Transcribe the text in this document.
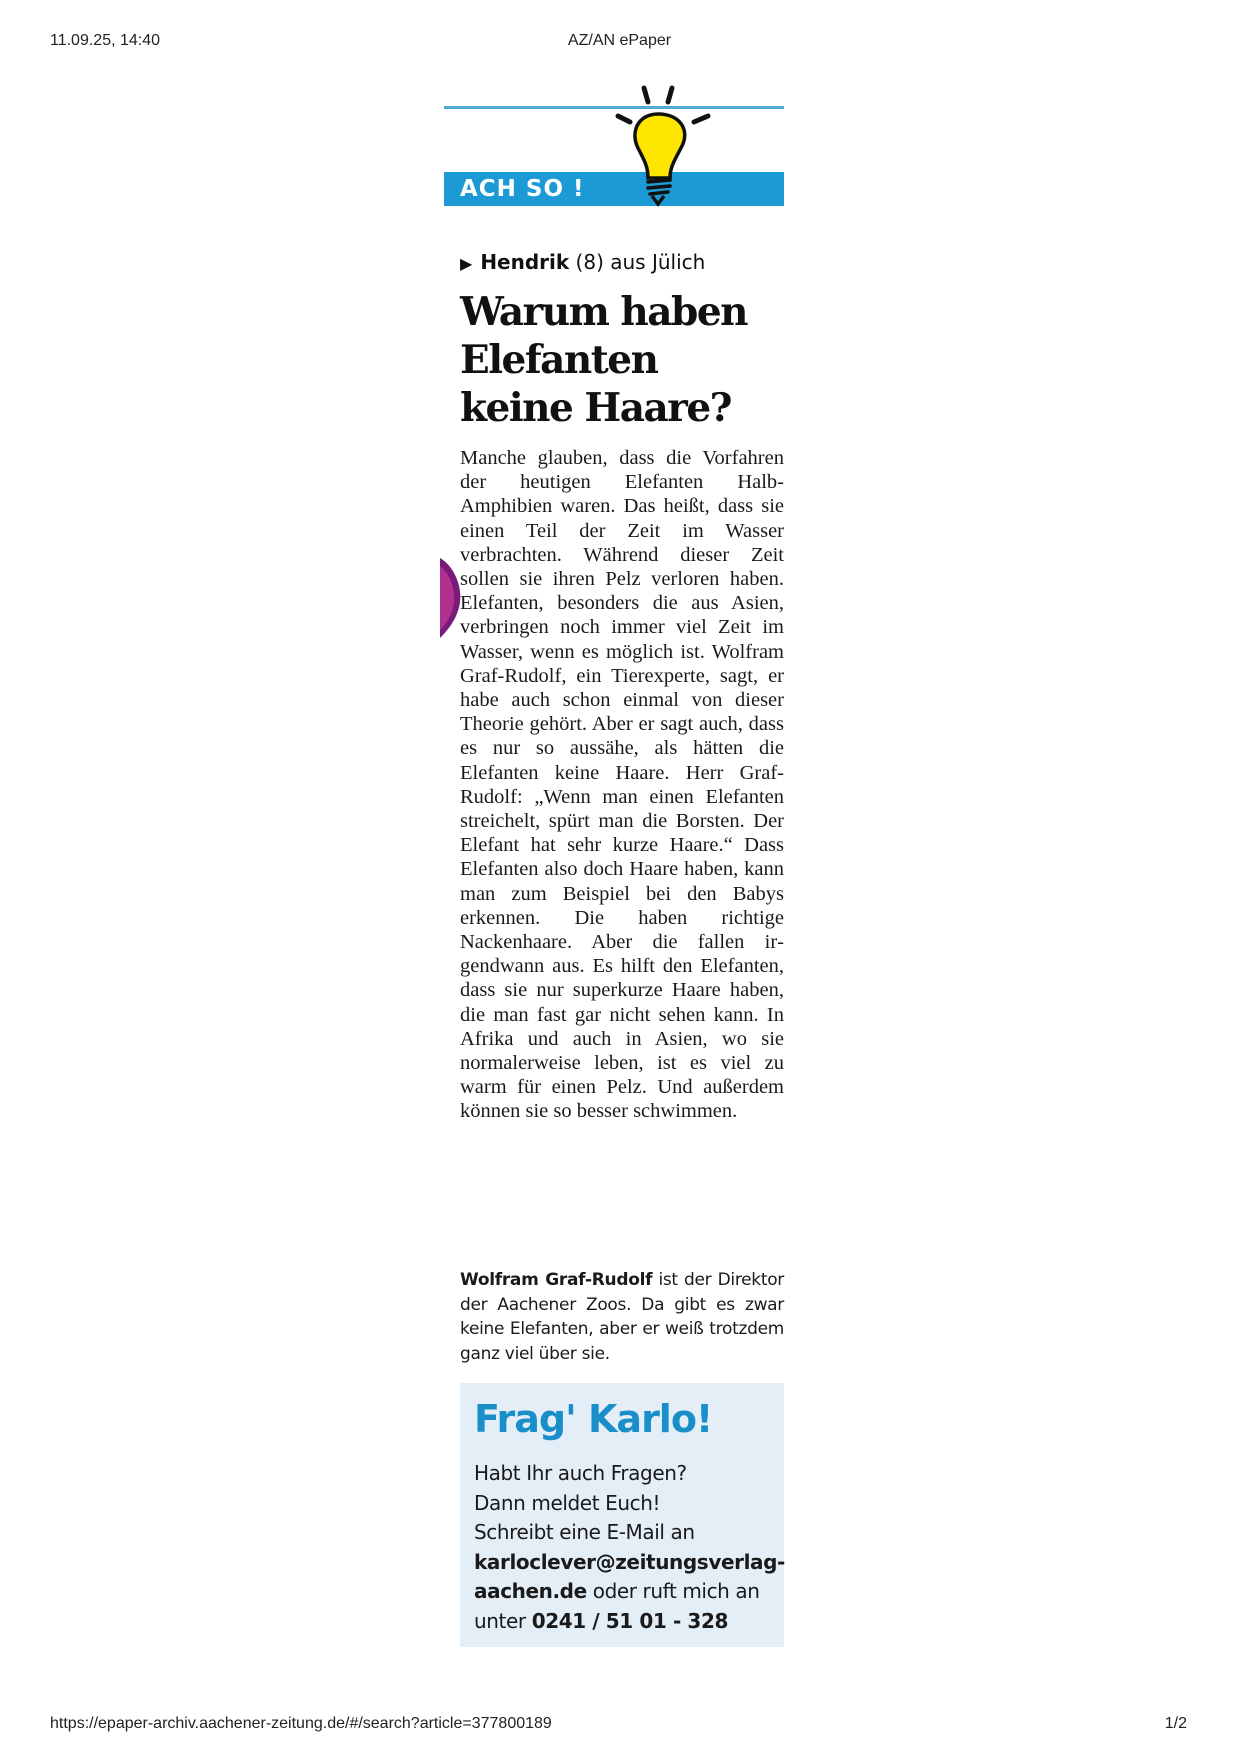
11.09.25, 14:40	AZ/AN ePaper
ACH SO !
▶ Hendrik (8) aus Jülich
Warum haben
Elefanten
keine Haare?

Manche glauben, dass die Vorfahren der heutigen Elefanten Halb-Amphibien waren. Das heißt, dass sie einen Teil der Zeit im Wasser verbrachten. Während dieser Zeit sollen sie ihren Pelz verloren haben. Elefanten, besonders die aus Asien, verbringen noch immer viel Zeit im Wasser, wenn es möglich ist. Wolfram Graf-Rudolf, ein Tierexperte, sagt, er habe auch schon einmal von dieser Theorie gehört. Aber er sagt auch, dass es nur so aussähe, als hätten die Elefanten keine Haare. Herr Graf-Rudolf: „Wenn man einen Elefanten streichelt, spürt man die Borsten. Der Elefant hat sehr kurze Haare.“ Dass Elefanten also doch Haare haben, kann man zum Beispiel bei den Babys erkennen. Die haben richtige Nackenhaare. Aber die fallen irgendwann aus. Es hilft den Elefanten, dass sie nur superkurze Haare haben, die man fast gar nicht sehen kann. In Afrika und auch in Asien, wo sie normalerweise leben, ist es viel zu warm für einen Pelz. Und außerdem können sie so besser schwimmen.

Wolfram Graf-Rudolf ist der Direktor der Aachener Zoos. Da gibt es zwar keine Elefanten, aber er weiß trotzdem ganz viel über sie.

Frag' Karlo!
Habt Ihr auch Fragen?
Dann meldet Euch!
Schreibt eine E-Mail an
karloclever@zeitungsverlag-aachen.de oder ruft mich an
unter 0241 / 51 01 - 328
https://epaper-archiv.aachener-zeitung.de/#/search?article=377800189	1/2
